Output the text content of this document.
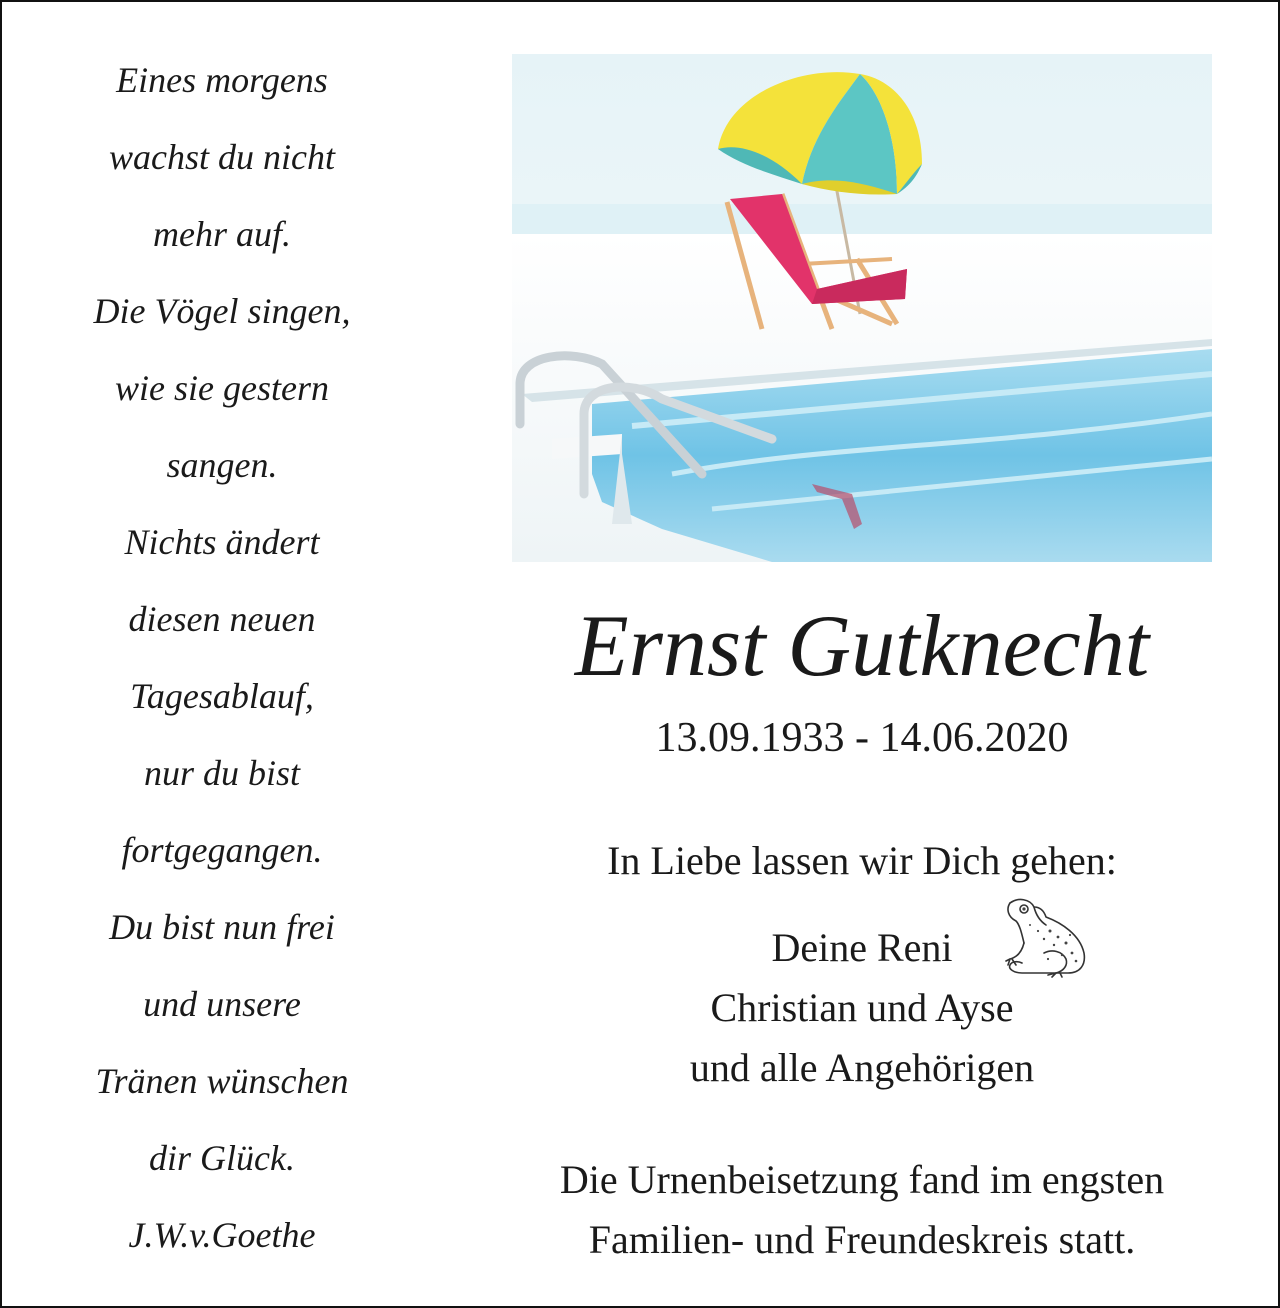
Eines morgens
wachst du nicht
mehr auf.
Die Vögel singen,
wie sie gestern
sangen.
Nichts ändert
diesen neuen
Tagesablauf,
nur du bist
fortgegangen.
Du bist nun frei
und unsere
Tränen wünschen
dir Glück.
J.W.v.Goethe
Ernst Gutknecht
13.09.1933 - 14.06.2020
In Liebe lassen wir Dich gehen:
Deine Reni
Christian und Ayse
und alle Angehörigen
Die Urnenbeisetzung fand im engsten
Familien- und Freundeskreis statt.
